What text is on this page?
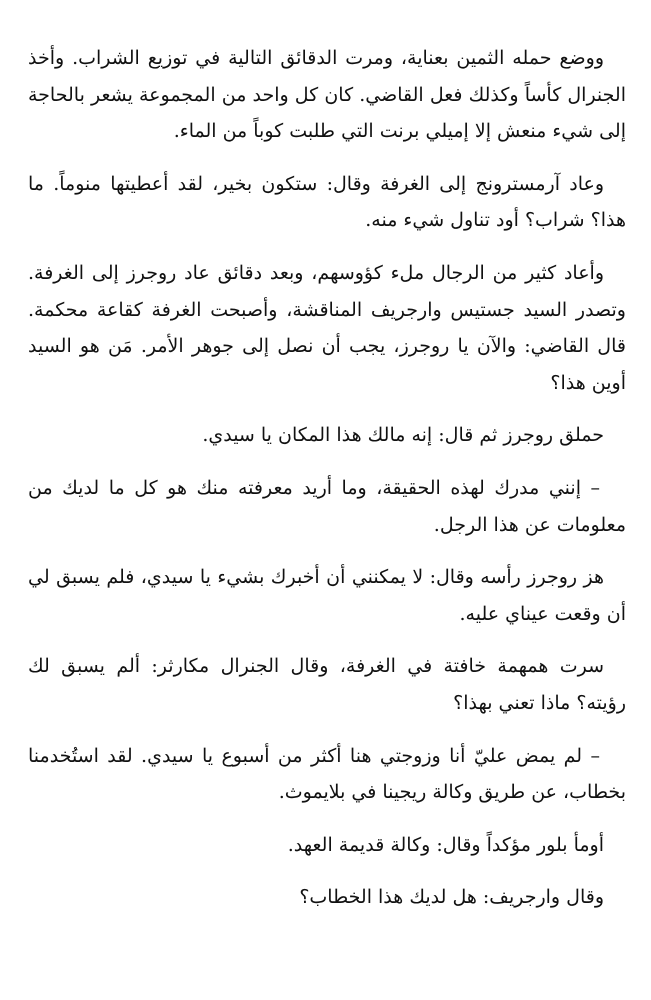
ووضع حمله الثمين بعناية، ومرت الدقائق التالية في توزيع الشراب. وأخذ الجنرال كأساً وكذلك فعل القاضي. كان كل واحد من المجموعة يشعر بالحاجة إلى شيء منعش إلا إميلي برنت التي طلبت كوباً من الماء.

وعاد آرمسترونج إلى الغرفة وقال: ستكون بخير، لقد أعطيتها منوماً. ما هذا؟ شراب؟ أود تناول شيء منه.

وأعاد كثير من الرجال ملء كؤوسهم، وبعد دقائق عاد روجرز إلى الغرفة. وتصدر السيد جستيس وارجريف المناقشة، وأصبحت الغرفة كقاعة محكمة. قال القاضي: والآن يا روجرز، يجب أن نصل إلى جوهر الأمر. مَن هو السيد أوين هذا؟

حملق روجرز ثم قال: إنه مالك هذا المكان يا سيدي.

– إنني مدرك لهذه الحقيقة، وما أريد معرفته منك هو كل ما لديك من معلومات عن هذا الرجل.

هز روجرز رأسه وقال: لا يمكنني أن أخبرك بشيء يا سيدي، فلم يسبق لي أن وقعت عيناي عليه.

سرت همهمة خافتة في الغرفة، وقال الجنرال مكارثر: ألم يسبق لك رؤيته؟ ماذا تعني بهذا؟

– لم يمض عليّ أنا وزوجتي هنا أكثر من أسبوع يا سيدي. لقد استُخدمنا بخطاب، عن طريق وكالة ريجينا في بلايموث.

أومأ بلور مؤكداً وقال: وكالة قديمة العهد.

وقال وارجريف: هل لديك هذا الخطاب؟
